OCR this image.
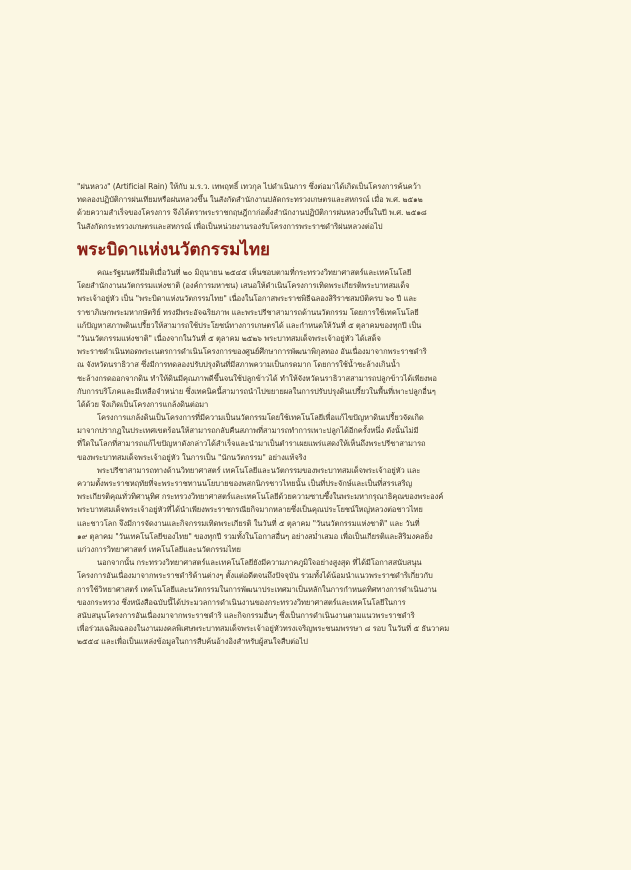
"ฝนหลวง" (Artificial Rain) ให้กับ ม.ร.ว. เทพฤทธิ์ เทวกุล ไปดำเนินการ ซึ่งต่อมาได้เกิดเป็นโครงการค้นคว้า
ทดลองปฏิบัติการฝนเทียมหรือฝนหลวงขึ้น ในสังกัดสำนักงานปลัดกระทรวงเกษตรและสหกรณ์ เมื่อ พ.ศ. ๒๕๑๒
ด้วยความสำเร็จของโครงการ จึงได้ตราพระราชกฤษฎีกาก่อตั้งสำนักงานปฏิบัติการฝนหลวงขึ้นในปี พ.ศ. ๒๕๑๘
ในสังกัดกระทรวงเกษตรและสหกรณ์ เพื่อเป็นหน่วยงานรองรับโครงการพระราชดำริฝนหลวงต่อไป
พระบิดาแห่งนวัตกรรมไทย
คณะรัฐมนตรีมีมติเมื่อวันที่ ๒๐ มิถุนายน ๒๕๔๕ เห็นชอบตามที่กระทรวงวิทยาศาสตร์และเทคโนโลยี
โดยสำนักงานนวัตกรรมแห่งชาติ (องค์การมหาชน) เสนอให้ดำเนินโครงการเทิดพระเกียรติพระบาทสมเด็จ
พระเจ้าอยู่หัว เป็น "พระบิดาแห่งนวัตกรรมไทย" เนื่องในโอกาสพระราชพิธีฉลองสิริราชสมบัติครบ ๖๐ ปี และ
ราชาภิเษกพระมหากษัตริย์ ทรงมีพระอัจฉริยภาพ และพระปรีชาสามารถด้านนวัตกรรม โดยการใช้เทคโนโลยี
แก้ปัญหาสภาพดินเปรี้ยวให้สามารถใช้ประโยชน์ทางการเกษตรได้ และกำหนดให้วันที่ ๕ ตุลาคมของทุกปี เป็น
"วันนวัตกรรมแห่งชาติ" เนื่องจากในวันที่ ๕ ตุลาคม ๒๕๒๖ พระบาทสมเด็จพระเจ้าอยู่หัว ได้เสด็จ
พระราชดำเนินทอดพระเนตรการดำเนินโครงการของศูนย์ศึกษาการพัฒนาพิกุลทอง อันเนื่องมาจากพระราชดำริ
ณ จังหวัดนราธิวาส ซึ่งมีการทดลองปรับปรุงดินที่มีสภาพความเป็นกรดมาก โดยการใช้น้ำชะล้างเกินน้ำ
ชะล้างกรดออกจากดิน ทำให้ดินมีคุณภาพดีขึ้นจนใช้ปลูกข้าวได้ ทำให้จังหวัดนราธิวาสสามารถปลูกข้าวได้เพียงพอ
กับการบริโภคและมีเหลือจำหน่าย ซึ่งเทคนิคนี้สามารถนำไปขยายผลในการปรับปรุงดินเปรี้ยวในพื้นที่เพาะปลูกอื่นๆ
ได้ด้วย จึงเกิดเป็นโครงการแกล้งดินต่อมา
โครงการแกล้งดินเป็นโครงการที่มีความเป็นนวัตกรรมโดยใช้เทคโนโลยีเพื่อแก้ไขปัญหาดินเปรี้ยวจัดเกิด
มาจากปรากฏในประเทศเขตร้อนให้สามารถกลับคืนสภาพที่สามารถทำการเพาะปลูกได้อีกครั้งหนึ่ง ดังนั้นไม่มี
ที่ใดในโลกที่สามารถแก้ไขปัญหาดังกล่าวได้สำเร็จและนำมาเป็นตำราเผยแพร่แสดงให้เห็นถึงพระปรีชาสามารถ
ของพระบาทสมเด็จพระเจ้าอยู่หัว ในการเป็น "นักนวัตกรรม" อย่างแท้จริง
พระปรีชาสามารถทางด้านวิทยาศาสตร์ เทคโนโลยีและนวัตกรรมของพระบาทสมเด็จพระเจ้าอยู่หัว และ
ความตั้งพระราชหฤทัยที่จะพระราชทานนโยบายของพสกนิกรชาวไทยนั้น เป็นที่ประจักษ์และเป็นที่สรรเสริญ
พระเกียรติคุณทั่วทิศานุทิศ กระทรวงวิทยาศาสตร์และเทคโนโลยีด้วยความซาบซึ้งในพระมหากรุณาธิคุณของพระองค์
พระบาทสมเด็จพระเจ้าอยู่หัวที่ได้นำเพียงพระราชกรณียกิจมากหลายซึ่งเป็นคุณประโยชน์ใหญ่หลวงต่อชาวไทย
และชาวโลก จึงมีการจัดงานและกิจกรรมเทิดพระเกียรติ ในวันที่ ๕ ตุลาคม "วันนวัตกรรมแห่งชาติ" และ วันที่
๑๙ ตุลาคม "วันเทคโนโลยีของไทย" ของทุกปี รวมทั้งในโอกาสอื่นๆ อย่างสม่ำเสมอ เพื่อเป็นเกียรติและสิริมงคลยิ่ง
แก่วงการวิทยาศาสตร์ เทคโนโลยีและนวัตกรรมไทย
นอกจากนั้น กระทรวงวิทยาศาสตร์และเทคโนโลยียังมีความภาคภูมิใจอย่างสูงสุด ที่ได้มีโอกาสสนับสนุน
โครงการอันเนื่องมาจากพระราชดำริด้านต่างๆ ตั้งแต่อดีตจนถึงปัจจุบัน รวมทั้งได้น้อมนำแนวพระราชดำริเกี่ยวกับ
การใช้วิทยาศาสตร์ เทคโนโลยีและนวัตกรรมในการพัฒนาประเทศมาเป็นหลักในการกำหนดทิศทางการดำเนินงาน
ของกระทรวง ซึ่งหนังสือฉบับนี้ได้ประมวลการดำเนินงานของกระทรวงวิทยาศาสตร์และเทคโนโลยีในการ
สนับสนุนโครงการอันเนื่องมาจากพระราชดำริ และกิจกรรมอื่นๆ ซึ่งเป็นการดำเนินงานตามแนวพระราชดำริ
เพื่อร่วมเฉลิมฉลองในงานมงคลพิเศษพระบาทสมเด็จพระเจ้าอยู่หัวทรงเจริญพระชนมพรรษา ๘ รอบ ในวันที่ ๕ ธันวาคม
๒๕๕๔ และเพื่อเป็นแหล่งข้อมูลในการสืบค้นอ้างอิงสำหรับผู้สนใจสืบต่อไป
